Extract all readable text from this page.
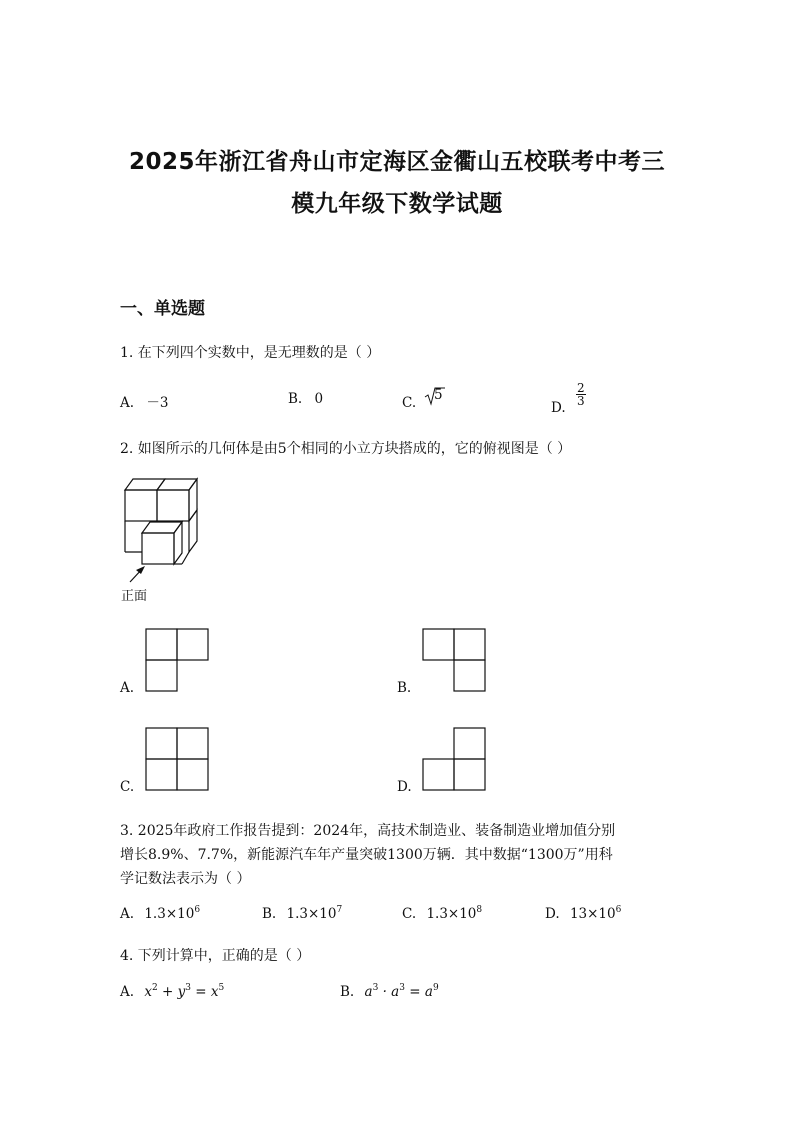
2025年浙江省舟山市定海区金衢山五校联考中考三
模九年级下数学试题
一、单选题
1. 在下列四个实数中，是无理数的是（ ）
A. －3	B. 0	C. 5
D.
$\frac{2}{3}$
2. 如图所示的几何体是由5个相同的小立方块搭成的，它的俯视图是（ ）
正面
A.	B.
C.	D.
3. 2025年政府工作报告提到：2024年，高技术制造业、装备制造业增加值分别
增长8.9%、7.7%，新能源汽车年产量突破1300万辆．其中数据“1300万”用科
学记数法表示为（ ）
A. $1.3\times 10^6$	B. $1.3\times 10^7$	C. $1.3\times 10^8$	D. $13\times 10^6$
4. 下列计算中，正确的是（ ）
A. $x^2 + y^3 = x^5$	B. $a^3 \cdot a^3 = a^9$
